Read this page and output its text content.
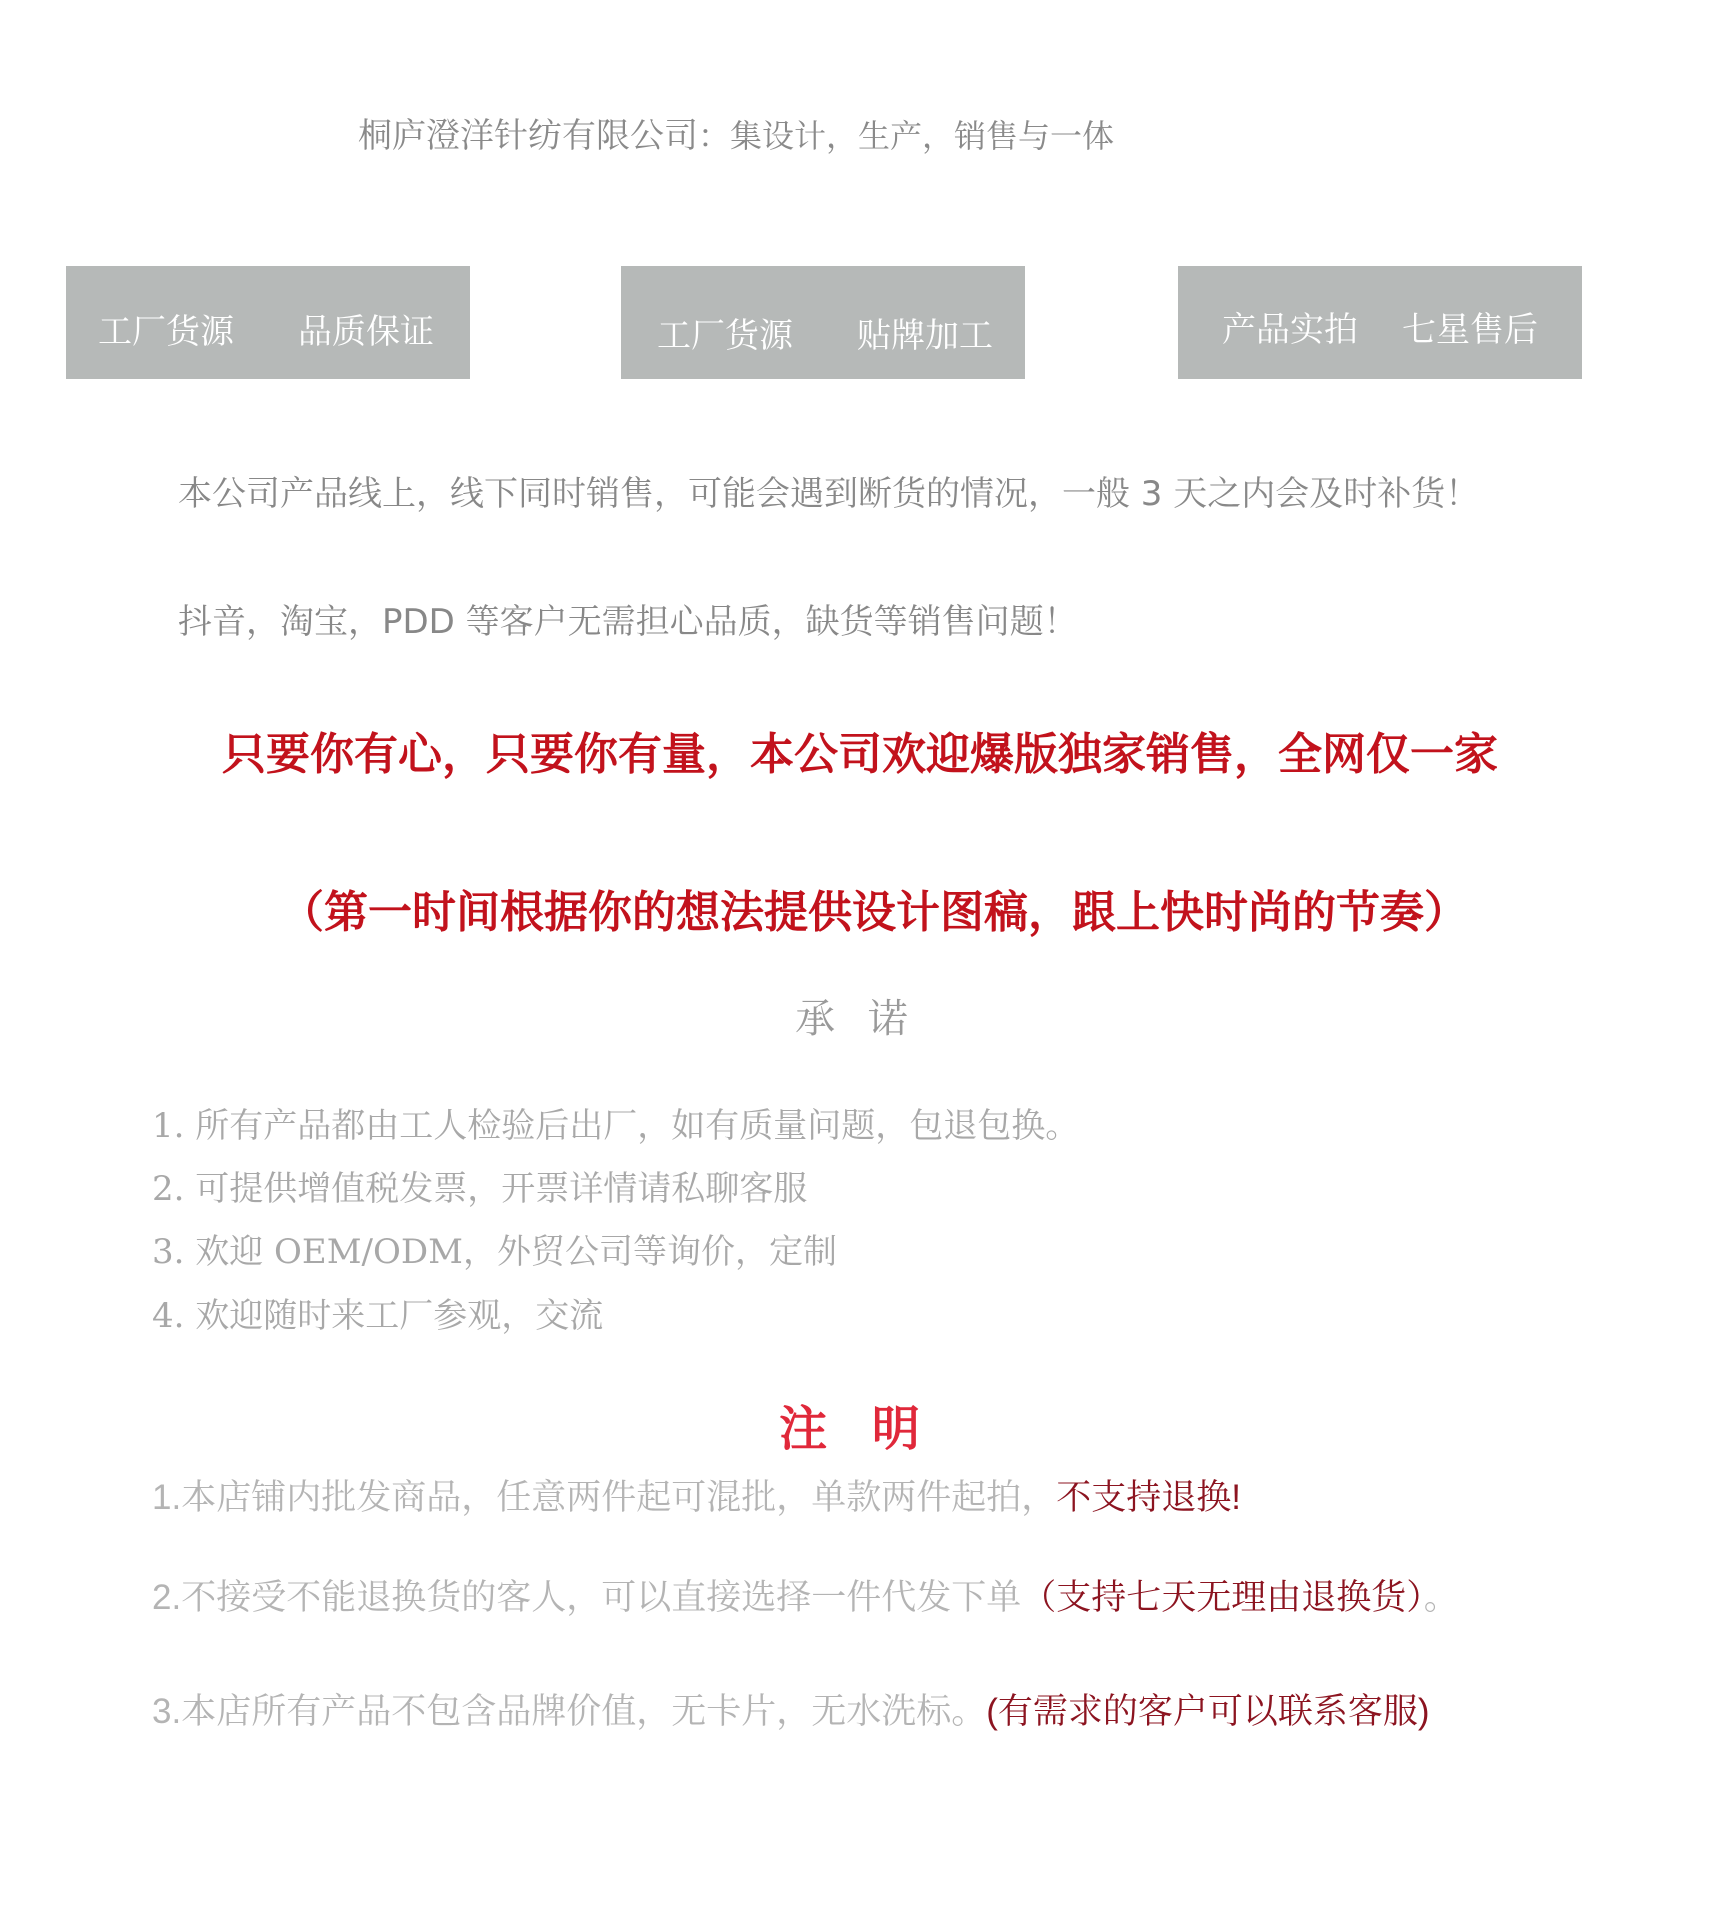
桐庐澄洋针纺有限公司：集设计，生产，销售与一体
工厂货源 品质保证	工厂货源 贴牌加工	产品实拍 七星售后
本公司产品线上，线下同时销售，可能会遇到断货的情况，一般 3 天之内会及时补货！
抖音，淘宝，PDD 等客户无需担心品质，缺货等销售问题！
只要你有心，只要你有量，本公司欢迎爆版独家销售，全网仅一家
（第一时间根据你的想法提供设计图稿，跟上快时尚的节奏）
承 诺
1. 所有产品都由工人检验后出厂，如有质量问题，包退包换。
2. 可提供增值税发票，开票详情请私聊客服
3. 欢迎 OEM/ODM，外贸公司等询价，定制
4. 欢迎随时来工厂参观，交流
注 明
1.本店铺内批发商品，任意两件起可混批，单款两件起拍，不支持退换!
2.不接受不能退换货的客人，可以直接选择一件代发下单（支持七天无理由退换货）。
3.本店所有产品不包含品牌价值，无卡片，无水洗标。(有需求的客户可以联系客服)
